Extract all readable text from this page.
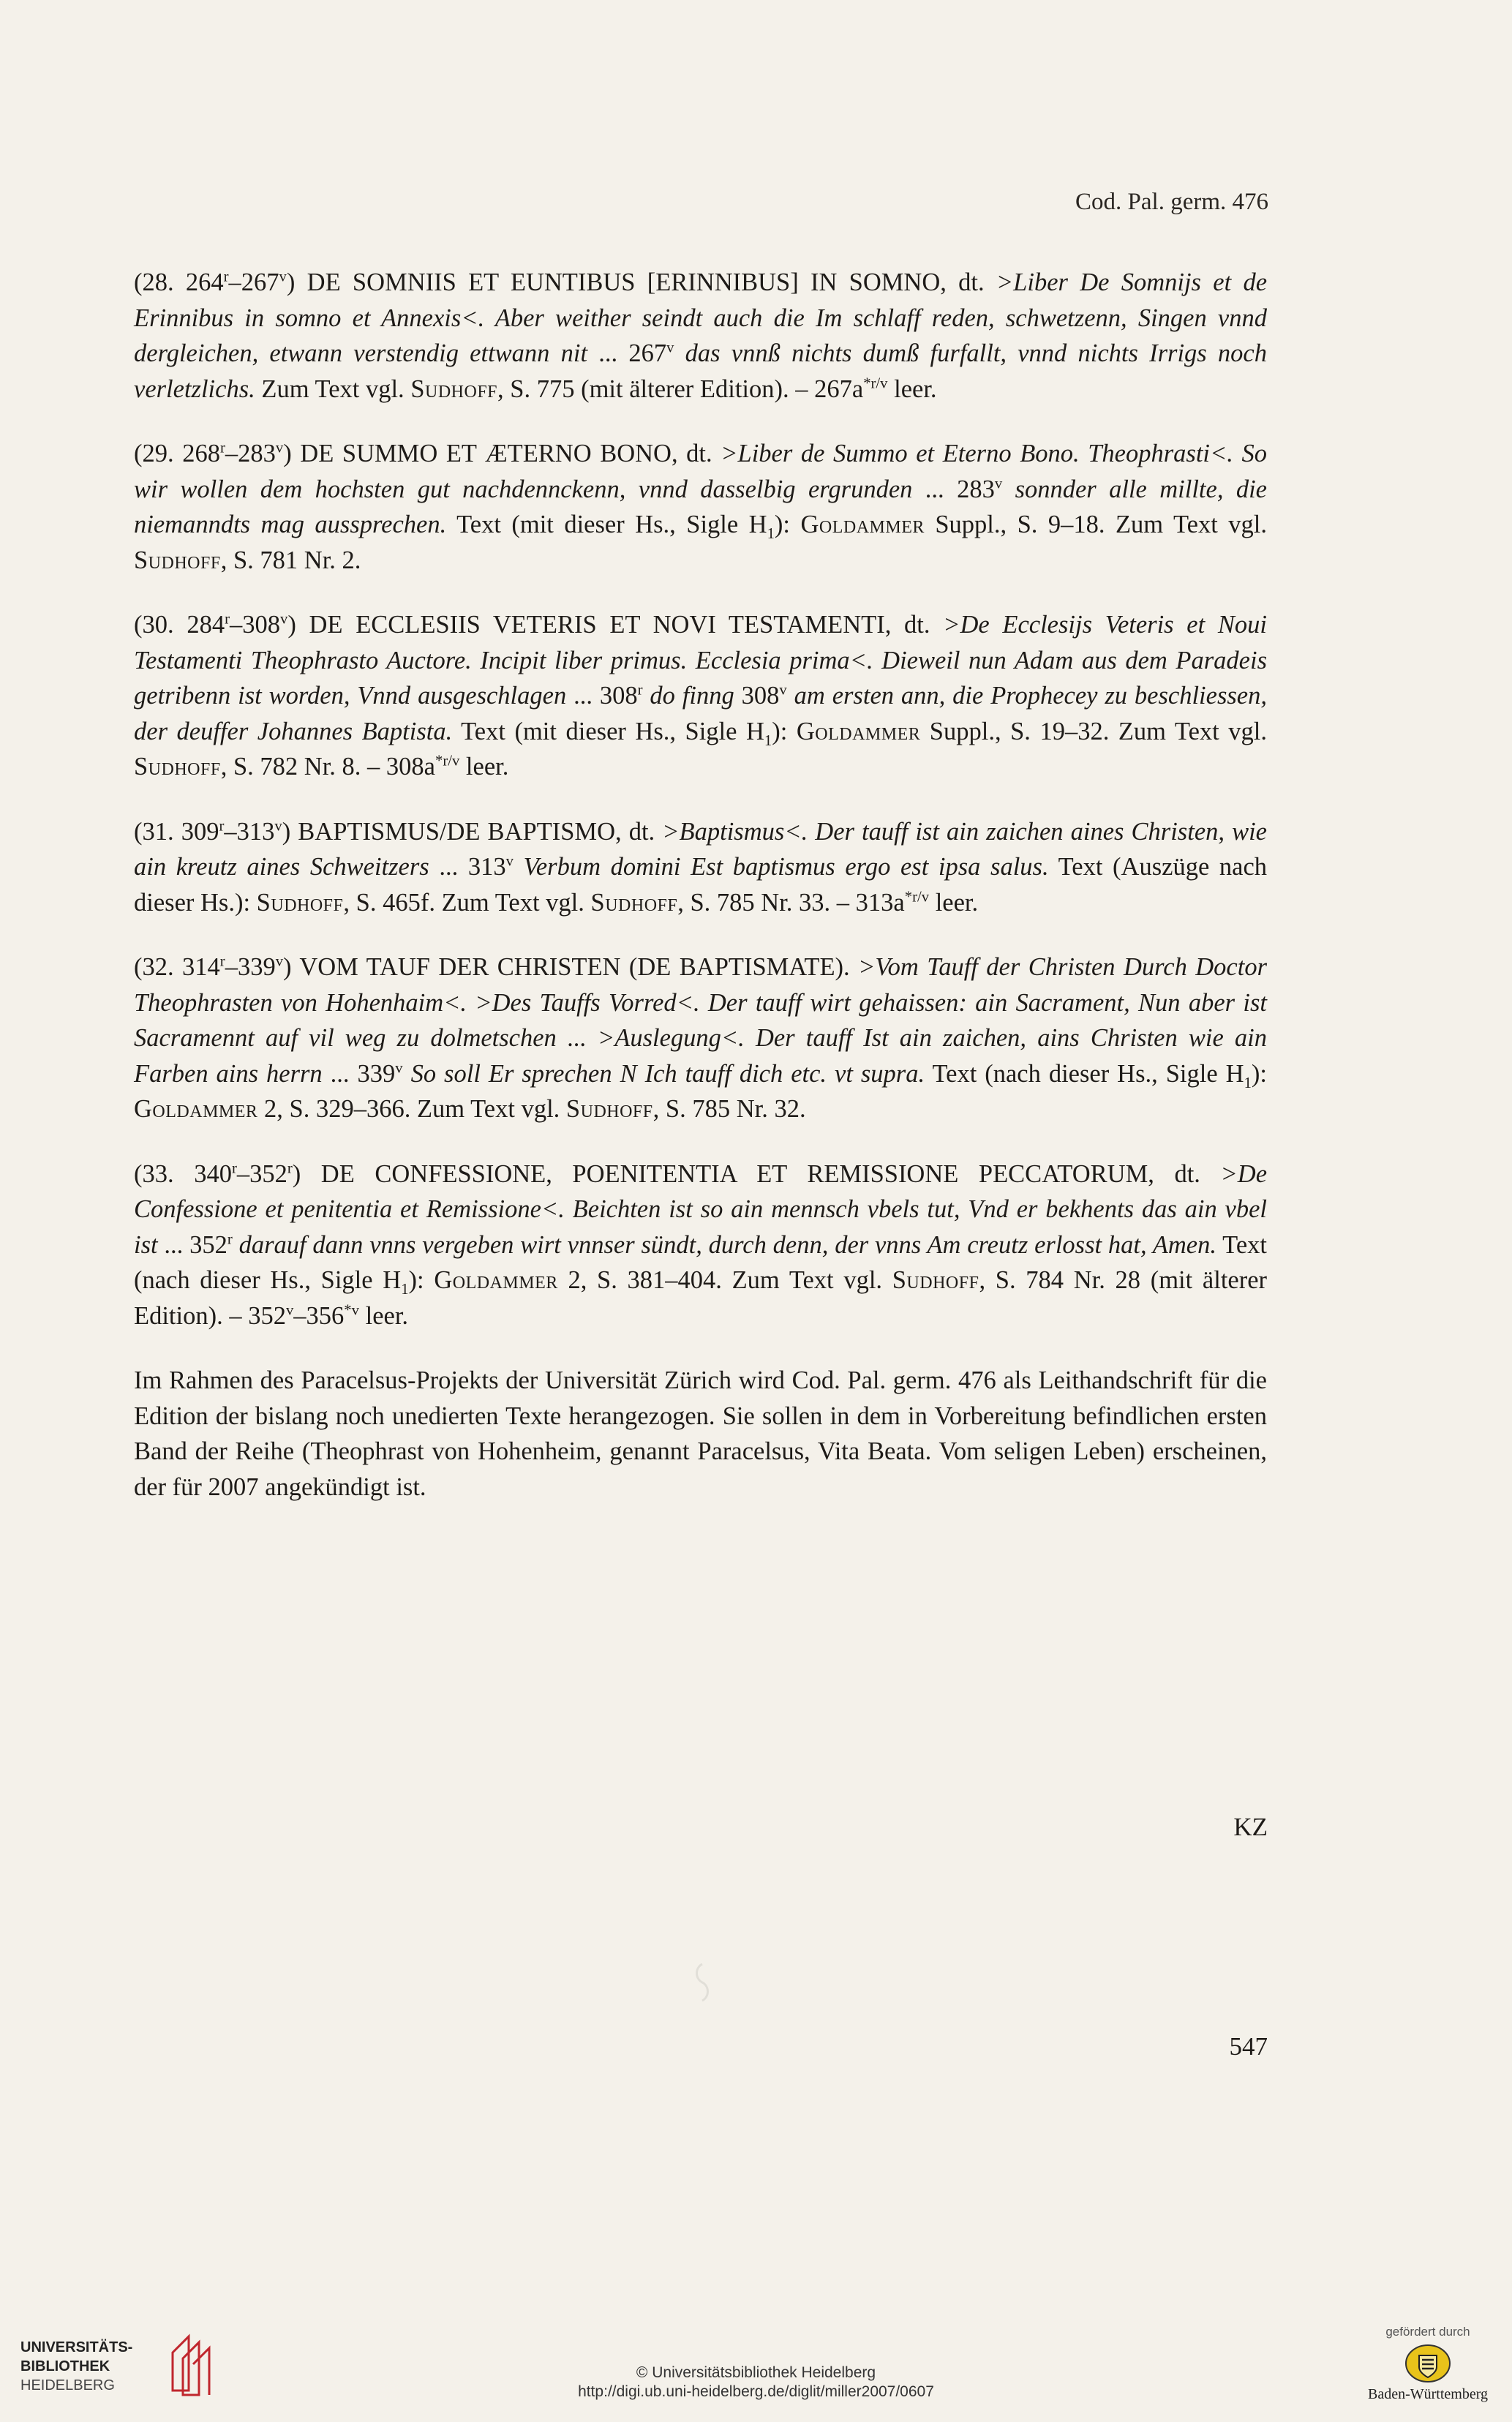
Cod. Pal. germ. 476

(28. 264$^r$–267$^v$) DE SOMNIIS ET EUNTIBUS [ERINNIBUS] IN SOMNO, dt. >Liber De Somnijs et de Erinnibus in somno et Annexis<. Aber weither seindt auch die Im schlaff reden, schwetzenn, Singen vnnd dergleichen, etwann verstendig ettwann nit ... 267$^v$ das vnnß nichts dumß furfallt, vnnd nichts Irrigs noch verletzlichs. Zum Text vgl. Sudhoff, S. 775 (mit älterer Edition). – $267a^{*r/v}$ leer.

(29. 268$^r$–283$^v$) DE SUMMO ET ÆTERNO BONO, dt. >Liber de Summo et Eterno Bono. Theophrasti<. So wir wollen dem hochsten gut nachdennckenn, vnnd dasselbig ergrunden ... 283$^v$ sonnder alle millte, die niemanndts mag aussprechen. Text (mit dieser Hs., Sigle $H_1$): Goldammer Suppl., S. 9–18. Zum Text vgl. Sudhoff, S. 781 Nr. 2.

(30. 284$^r$–308$^v$) DE ECCLESIIS VETERIS ET NOVI TESTAMENTI, dt. >De Ecclesijs Veteris et Noui Testamenti Theophrasto Auctore. Incipit liber primus. Ecclesia prima<. Dieweil nun Adam aus dem Paradeis getribenn ist worden, Vnnd ausgeschlagen ... 308$^r$ do finng 308$^v$ am ersten ann, die Prophecey zu beschliessen, der deuffer Johannes Baptista. Text (mit dieser Hs., Sigle $H_1$): Goldammer Suppl., S. 19–32. Zum Text vgl. Sudhoff, S. 782 Nr. 8. – $308a^{*r/v}$ leer.

(31. 309$^r$–313$^v$) BAPTISMUS/DE BAPTISMO, dt. >Baptismus<. Der tauff ist ain zaichen aines Christen, wie ain kreutz aines Schweitzers ... 313$^v$ Verbum domini Est baptismus ergo est ipsa salus. Text (Auszüge nach dieser Hs.): Sudhoff, S. 465f. Zum Text vgl. Sudhoff, S. 785 Nr. 33. – $313a^{*r/v}$ leer.

(32. 314$^r$–339$^v$) VOM TAUF DER CHRISTEN (DE BAPTISMATE). >Vom Tauff der Christen Durch Doctor Theophrasten von Hohenhaim<. >Des Tauffs Vorred<. Der tauff wirt gehaissen: ain Sacrament, Nun aber ist Sacramennt auf vil weg zu dolmetschen ... >Auslegung<. Der tauff Ist ain zaichen, ains Christen wie ain Farben ains herrn ... 339$^v$ So soll Er sprechen N Ich tauff dich etc. vt supra. Text (nach dieser Hs., Sigle $H_1$): Goldammer 2, S. 329–366. Zum Text vgl. Sudhoff, S. 785 Nr. 32.

(33. 340$^r$–352$^r$) DE CONFESSIONE, POENITENTIA ET REMISSIONE PECCATORUM, dt. >De Confessione et penitentia et Remissione<. Beichten ist so ain mennsch vbels tut, Vnd er bekhents das ain vbel ist ... 352$^r$ darauf dann vnns vergeben wirt vnnser sündt, durch denn, der vnns Am creutz erlosst hat, Amen. Text (nach dieser Hs., Sigle $H_1$): Goldammer 2, S. 381–404. Zum Text vgl. Sudhoff, S. 784 Nr. 28 (mit älterer Edition). – 352$^v$–356$^{*v}$ leer.

Im Rahmen des Paracelsus-Projekts der Universität Zürich wird Cod. Pal. germ. 476 als Leithandschrift für die Edition der bislang noch unedierten Texte herangezogen. Sie sollen in dem in Vorbereitung befindlichen ersten Band der Reihe (Theophrast von Hohenheim, genannt Paracelsus, Vita Beata. Vom seligen Leben) erscheinen, der für 2007 angekündigt ist.

KZ
547
UNIVERSITÄTS-
BIBLIOTHEK
HEIDELBERG
© Universitätsbibliothek Heidelberg
http://digi.ub.uni-heidelberg.de/diglit/miller2007/0607
gefördert durch
Baden-Württemberg
